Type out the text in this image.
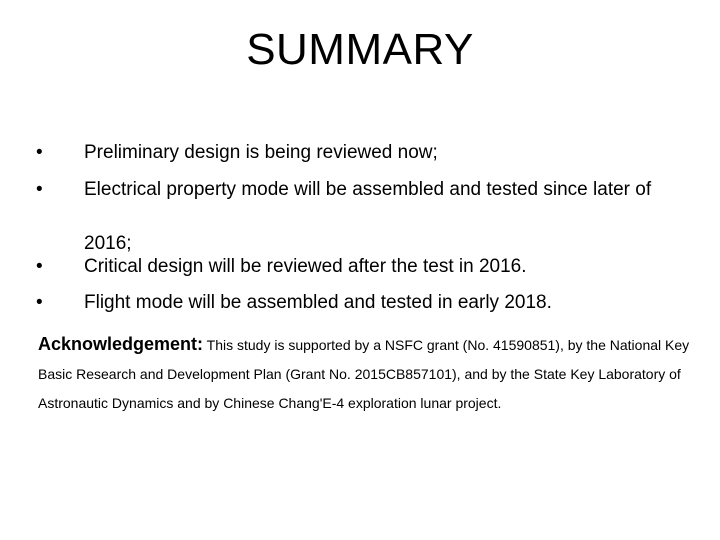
SUMMARY
• Preliminary design is being reviewed now;
• Electrical property mode will be assembled and tested since later of 2016;
• Critical design will be reviewed after the test in 2016.
• Flight mode will be assembled and tested in early 2018.

Acknowledgement: This study is supported by a NSFC grant (No. 41590851), by the National Key Basic Research and Development Plan (Grant No. 2015CB857101), and by the State Key Laboratory of Astronautic Dynamics and by Chinese Chang'E-4 exploration lunar project.
